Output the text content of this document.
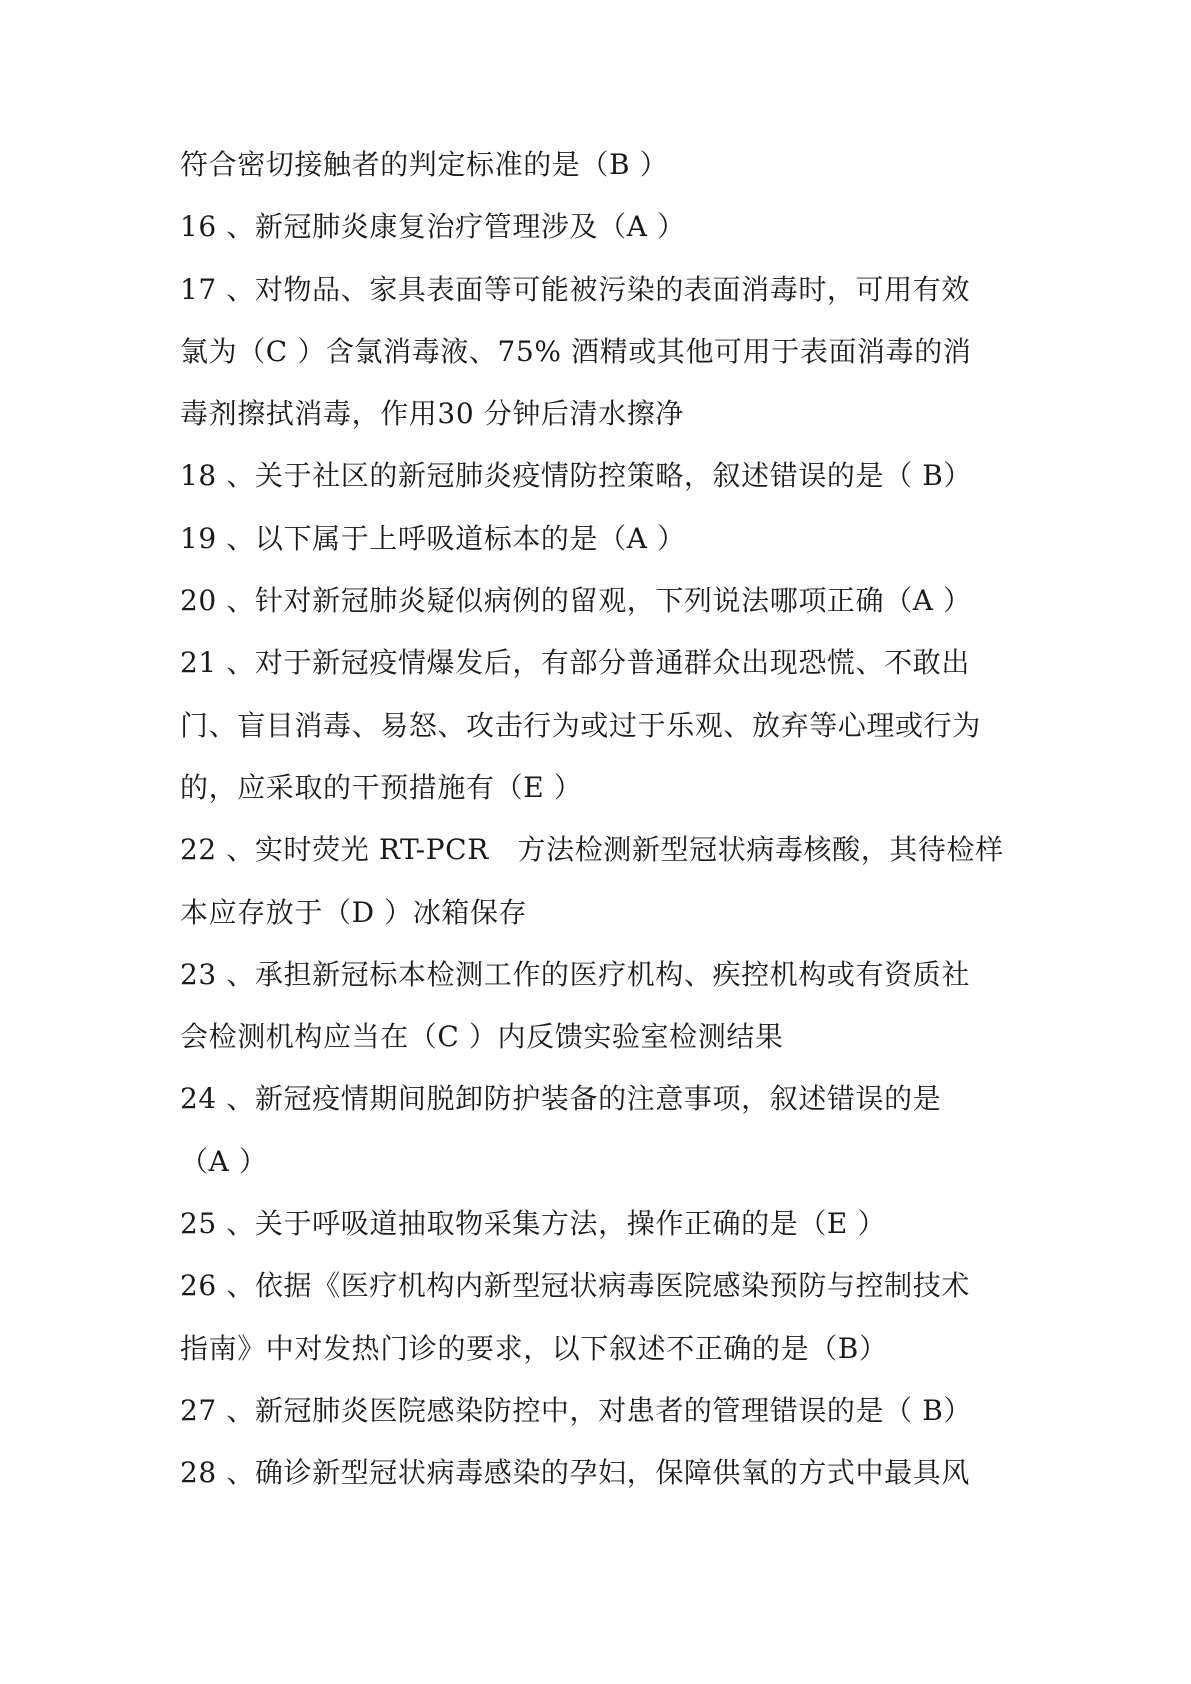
符合密切接触者的判定标准的是（B ）
16 、新冠肺炎康复治疗管理涉及（A ）
17 、对物品、家具表面等可能被污染的表面消毒时，可用有效
氯为（C ）含氯消毒液、75% 酒精或其他可用于表面消毒的消
毒剂擦拭消毒，作用30 分钟后清水擦净
18 、关于社区的新冠肺炎疫情防控策略，叙述错误的是（ B）
19 、以下属于上呼吸道标本的是（A ）
20 、针对新冠肺炎疑似病例的留观，下列说法哪项正确（A ）
21 、对于新冠疫情爆发后，有部分普通群众出现恐慌、不敢出
门、盲目消毒、易怒、攻击行为或过于乐观、放弃等心理或行为
的，应采取的干预措施有（E ）
22 、实时荧光 RT-PCR　方法检测新型冠状病毒核酸，其待检样
本应存放于（D ）冰箱保存
23 、承担新冠标本检测工作的医疗机构、疾控机构或有资质社
会检测机构应当在（C ）内反馈实验室检测结果
24 、新冠疫情期间脱卸防护装备的注意事项，叙述错误的是
（A ）
25 、关于呼吸道抽取物采集方法，操作正确的是（E ）
26 、依据《医疗机构内新型冠状病毒医院感染预防与控制技术
指南》中对发热门诊的要求，以下叙述不正确的是（B）
27 、新冠肺炎医院感染防控中，对患者的管理错误的是（ B）
28 、确诊新型冠状病毒感染的孕妇，保障供氧的方式中最具风
